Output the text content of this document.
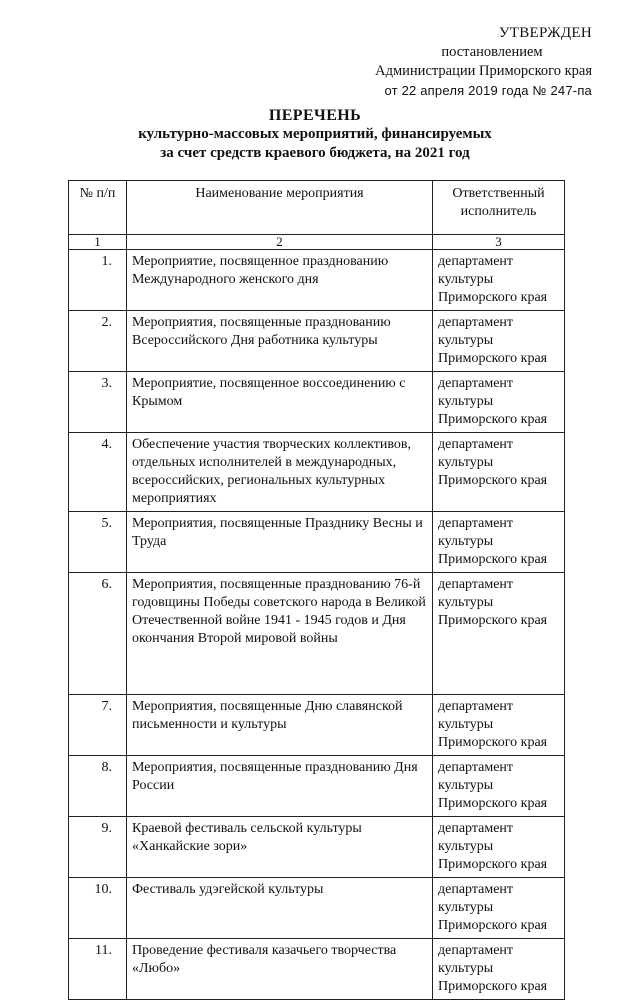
УТВЕРЖДЕН
постановлением
Администрации Приморского края
от 22 апреля 2019 года № 247-па
ПЕРЕЧЕНЬ
культурно-массовых мероприятий, финансируемых
за счет средств краевого бюджета, на 2021 год
№ п/п	Наименование мероприятия	Ответственный исполнитель
1	2	3
1.	Мероприятие, посвященное празднованию Международного женского дня	департамент культуры Приморского края
2.	Мероприятия, посвященные празднованию Всероссийского Дня работника культуры	департамент культуры Приморского края
3.	Мероприятие, посвященное воссоединению с Крымом	департамент культуры Приморского края
4.	Обеспечение участия творческих коллективов, отдельных исполнителей в международных, всероссийских, региональных культурных мероприятиях	департамент культуры Приморского края
5.	Мероприятия, посвященные Празднику Весны и Труда	департамент культуры Приморского края
6.	Мероприятия, посвященные празднованию 76-й годовщины Победы советского народа в Великой Отечественной войне 1941 - 1945 годов и Дня окончания Второй мировой войны	департамент культуры Приморского края
7.	Мероприятия, посвященные Дню славянской письменности и культуры	департамент культуры Приморского края
8.	Мероприятия, посвященные празднованию Дня России	департамент культуры Приморского края
9.	Краевой фестиваль сельской культуры «Ханкайские зори»	департамент культуры Приморского края
10.	Фестиваль удэгейской культуры	департамент культуры Приморского края
11.	Проведение фестиваля казачьего творчества «Любо»	департамент культуры Приморского края
